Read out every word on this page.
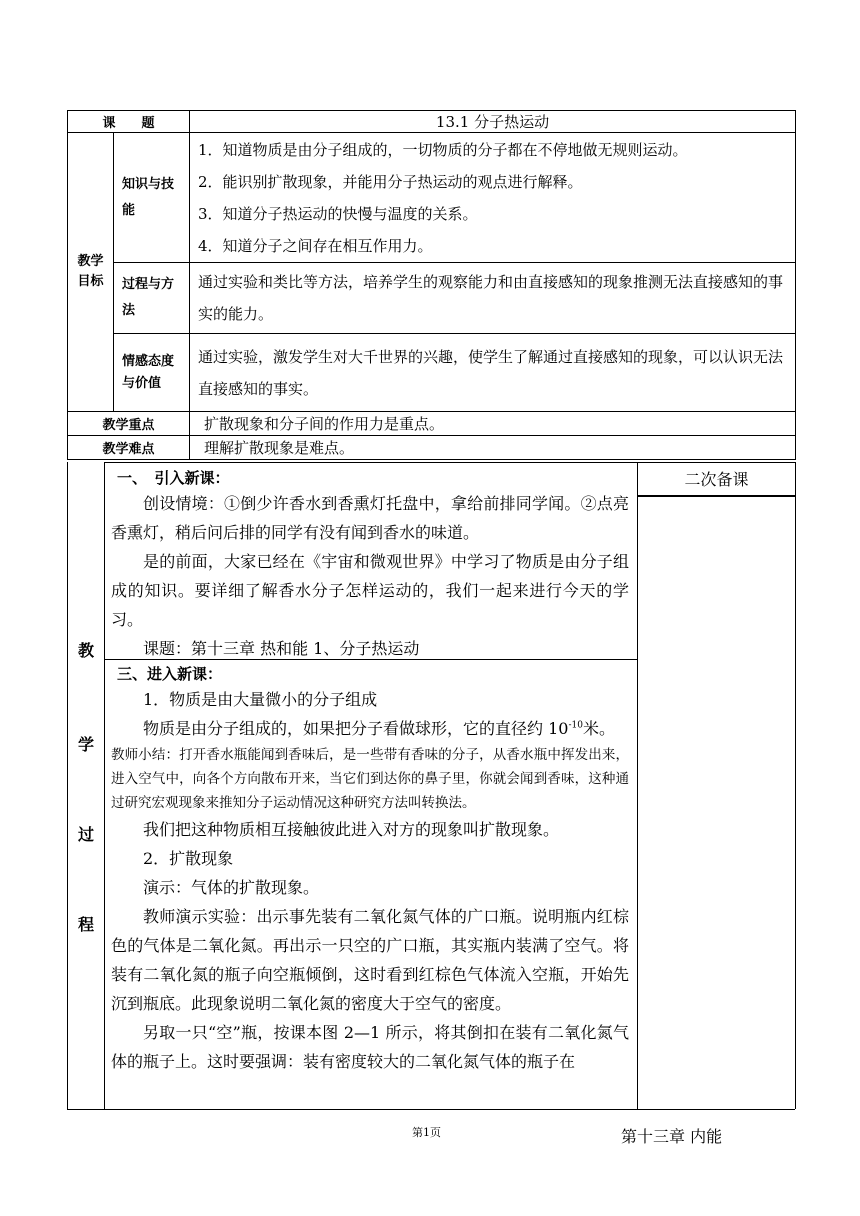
课　　题		13.1 分子热运动

教学目标	知识与技能	1．知道物质是由分子组成的，一切物质的分子都在不停地做无规则运动。
2．能识别扩散现象，并能用分子热运动的观点进行解释。
3．知道分子热运动的快慢与温度的关系。
4．知道分子之间存在相互作用力。

	过程与方法	通过实验和类比等方法，培养学生的观察能力和由直接感知的现象推测无法直接感知的事实的能力。

	情感态度与价值	通过实验，激发学生对大千世界的兴趣，使学生了解通过直接感知的现象，可以认识无法直接感知的事实。
教学重点		扩散现象和分子间的作用力是重点。
教学难点		理解扩散现象是难点。
教
学
过
程
一、　引入新课：
创设情境：①倒少许香水到香熏灯托盘中，拿给前排同学闻。②点亮香熏灯，稍后问后排的同学有没有闻到香水的味道。
是的前面，大家已经在《宇宙和微观世界》中学习了物质是由分子组成的知识。要详细了解香水分子怎样运动的，我们一起来进行今天的学习。
课题：第十三章 热和能 1、分子热运动
三、进入新课：
1．物质是由大量微小的分子组成
物质是由分子组成的，如果把分子看做球形，它的直径约 $10^{-10}$米。
教师小结：打开香水瓶能闻到香味后，是一些带有香味的分子，从香水瓶中挥发出来，进入空气中，向各个方向散布开来，当它们到达你的鼻子里，你就会闻到香味，这种通过研究宏观现象来推知分子运动情况这种研究方法叫转换法。
我们把这种物质相互接触彼此进入对方的现象叫扩散现象。
2．扩散现象
演示：气体的扩散现象。
教师演示实验：出示事先装有二氧化氮气体的广口瓶。说明瓶内红棕色的气体是二氧化氮。再出示一只空的广口瓶，其实瓶内装满了空气。将装有二氧化氮的瓶子向空瓶倾倒，这时看到红棕色气体流入空瓶，开始先沉到瓶底。此现象说明二氧化氮的密度大于空气的密度。
另取一只“空”瓶，按课本图 2—1 所示，将其倒扣在装有二氧化氮气体的瓶子上。这时要强调：装有密度较大的二氧化氮气体的瓶子在
二次备课
第1页	第十三章 内能
